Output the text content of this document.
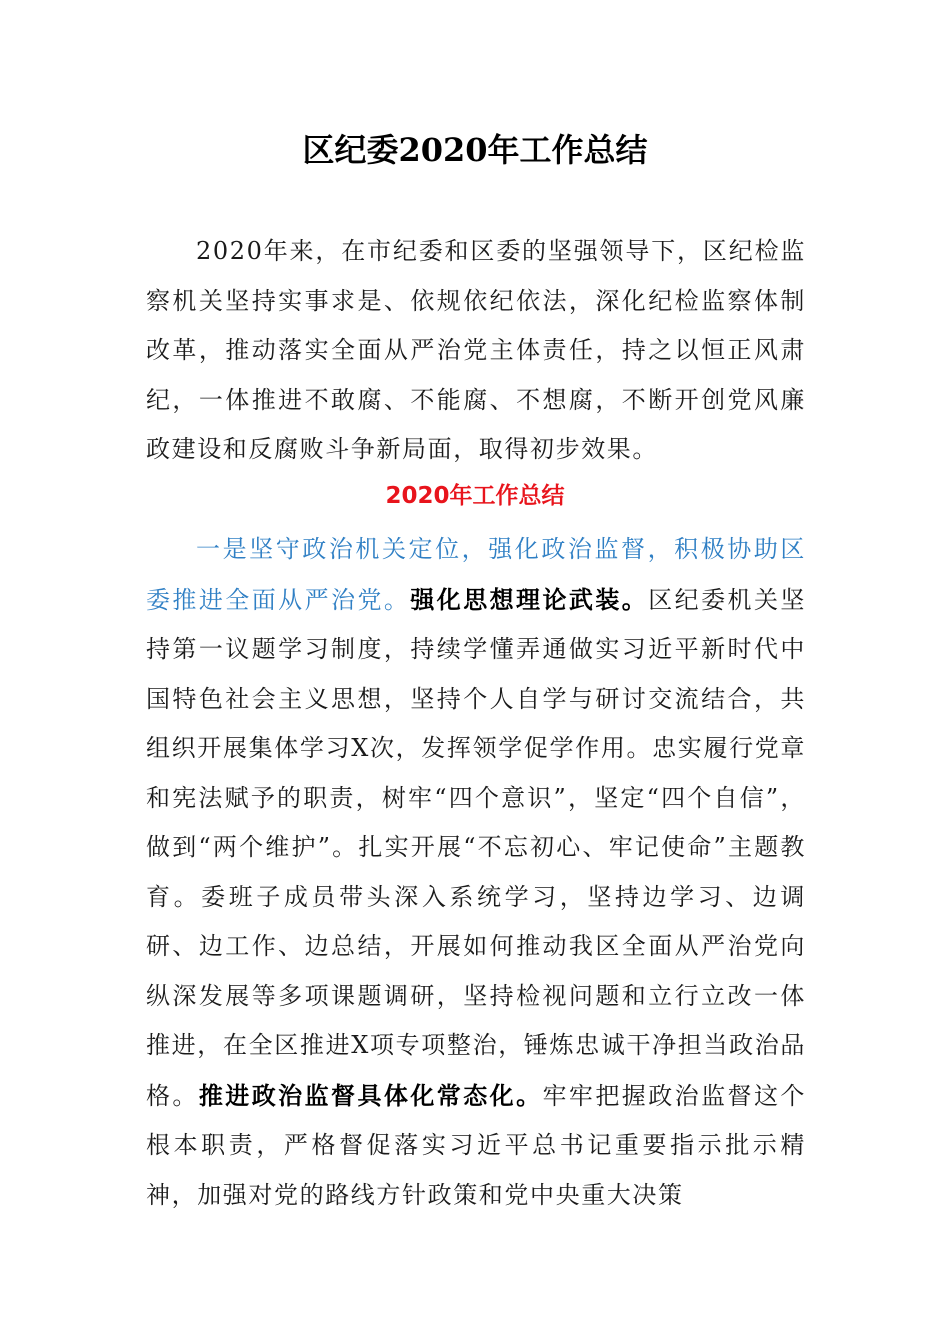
区纪委2020年工作总结

2020年来，在市纪委和区委的坚强领导下，区纪检监察机关坚持实事求是、依规依纪依法，深化纪检监察体制改革，推动落实全面从严治党主体责任，持之以恒正风肃纪，一体推进不敢腐、不能腐、不想腐，不断开创党风廉政建设和反腐败斗争新局面，取得初步效果。

2020年工作总结

一是坚守政治机关定位，强化政治监督，积极协助区委推进全面从严治党。强化思想理论武装。区纪委机关坚持第一议题学习制度，持续学懂弄通做实习近平新时代中国特色社会主义思想，坚持个人自学与研讨交流结合，共组织开展集体学习X次，发挥领学促学作用。忠实履行党章和宪法赋予的职责，树牢“四个意识”，坚定“四个自信”，做到“两个维护”。扎实开展“不忘初心、牢记使命”主题教育。委班子成员带头深入系统学习，坚持边学习、边调研、边工作、边总结，开展如何推动我区全面从严治党向纵深发展等多项课题调研，坚持检视问题和立行立改一体推进，在全区推进X项专项整治，锤炼忠诚干净担当政治品格。推进政治监督具体化常态化。牢牢把握政治监督这个根本职责，严格督促落实习近平总书记重要指示批示精神，加强对党的路线方针政策和党中央重大决策
